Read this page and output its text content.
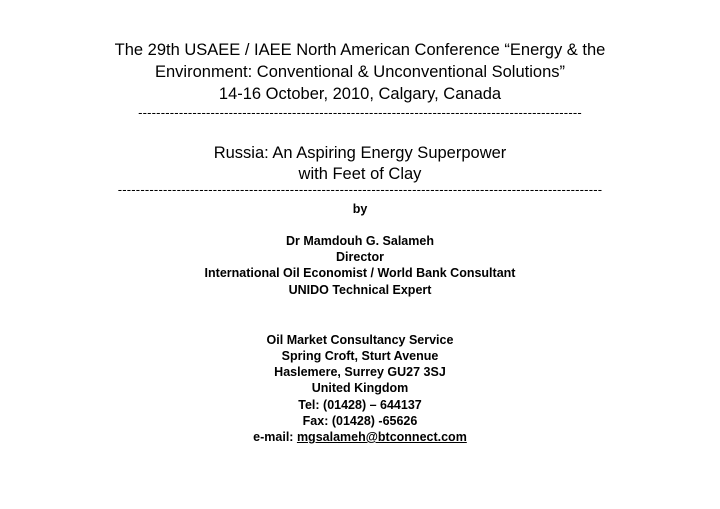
The 29th USAEE / IAEE North American Conference “Energy & the
Environment: Conventional & Unconventional Solutions”
14-16 October, 2010, Calgary, Canada
--------------------------------------------------------------------------------------------------
Russia: An Aspiring Energy Superpower
with Feet of Clay
-----------------------------------------------------------------------------------------------------------
by
Dr Mamdouh G. Salameh
Director
International Oil Economist / World Bank Consultant
UNIDO Technical Expert
Oil Market Consultancy Service
Spring Croft, Sturt Avenue
Haslemere, Surrey GU27 3SJ
United Kingdom
Tel: (01428) – 644137
Fax: (01428) -65626
e-mail: mgsalameh@btconnect.com
